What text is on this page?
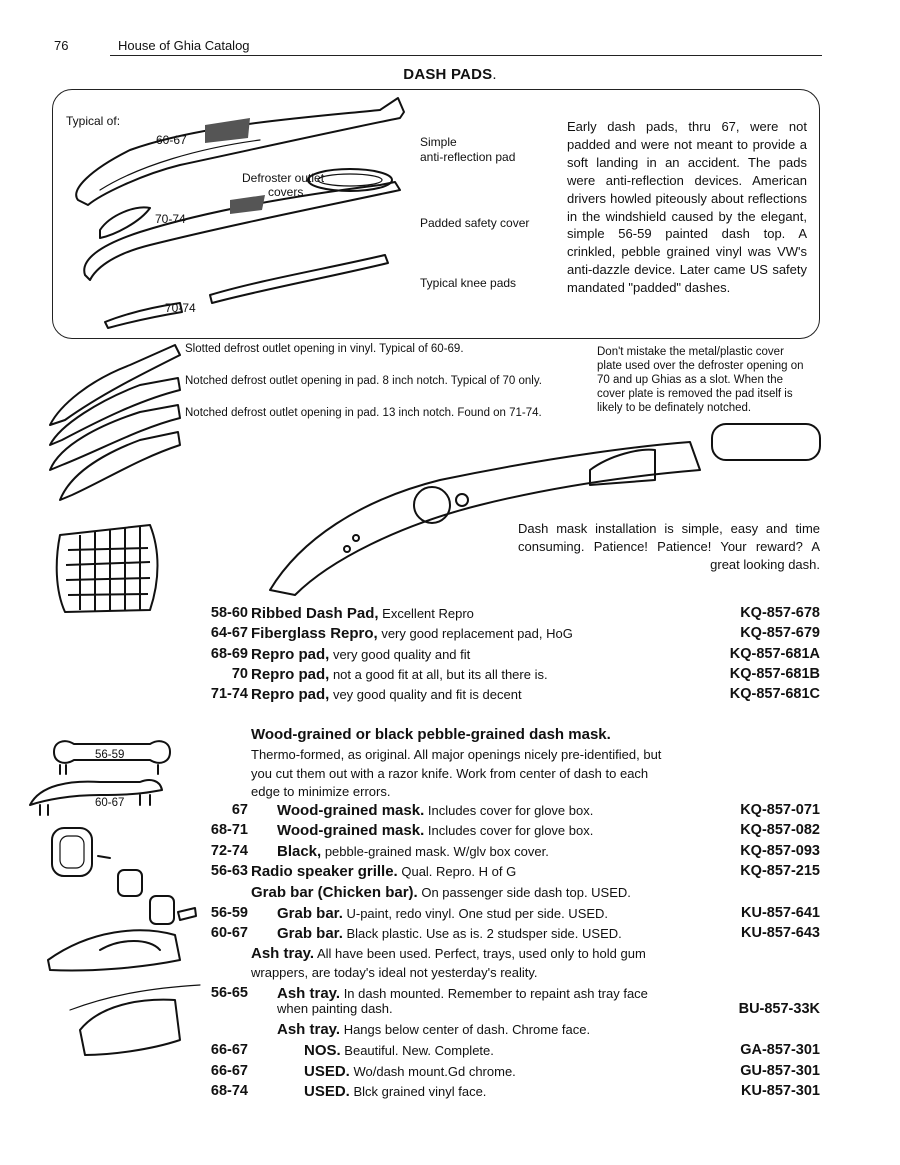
76	House of Ghia Catalog
DASH PADS.
Typical of:
60-67
Defroster outlet
covers
70-74
70-74
Simple
anti-reflection pad
Padded safety cover
Typical knee pads
Early dash pads, thru 67, were not padded and were not meant to provide a soft landing in an accident. The pads were anti-reflection devices. American drivers howled piteously about reflections in the windshield caused by the elegant, simple 56-59 painted dash top. A crinkled, pebble grained vinyl was VW's anti-dazzle device. Later came US safety mandated "padded" dashes.
Slotted defrost outlet opening in vinyl. Typical of 60-69.
Notched defrost outlet opening in pad. 8 inch notch. Typical of 70 only.
Notched defrost outlet opening in pad. 13 inch notch. Found on 71-74.
Don't mistake the metal/plastic cover plate used over the defroster opening on 70 and up Ghias as a slot. When the cover plate is removed the pad itself is likely to be definately notched.
Dash mask installation is simple, easy and time consuming. Patience! Patience! Your reward? A great looking dash.
58-60 Ribbed Dash Pad, Excellent Repro	KQ-857-678
64-67 Fiberglass Repro, very good replacement pad, HoG	KQ-857-679
68-69 Repro pad, very good quality and fit	KQ-857-681A
70 Repro pad, not a good fit at all, but its all there is.	KQ-857-681B
71-74 Repro pad, vey good quality and fit is decent	KQ-857-681C
Wood-grained or black pebble-grained dash mask.
Thermo-formed, as original. All major openings nicely pre-identified, but you cut them out with a razor knife. Work from center of dash to each edge to minimize errors.
67 Wood-grained mask. Includes cover for glove box.	KQ-857-071
68-71 Wood-grained mask. Includes cover for glove box.	KQ-857-082
72-74 Black, pebble-grained mask. W/glv box cover.	KQ-857-093
56-63 Radio speaker grille. Qual. Repro. H of G	KQ-857-215
Grab bar (Chicken bar). On passenger side dash top. USED.
56-59 Grab bar. U-paint, redo vinyl. One stud per side. USED.	KU-857-641
60-67 Grab bar. Black plastic. Use as is. 2 studsper side. USED.	KU-857-643
Ash tray. All have been used. Perfect, trays, used only to hold gum wrappers, are today's ideal not yesterday's reality.
56-65 Ash tray. In dash mounted. Remember to repaint ash tray face
when painting dash.	BU-857-33K
Ash tray. Hangs below center of dash. Chrome face.
66-67	NOS. Beautiful. New. Complete.	GA-857-301
66-67	USED. Wo/dash mount.Gd chrome.	GU-857-301
68-74	USED. Blck grained vinyl face.	KU-857-301
56-59
60-67
